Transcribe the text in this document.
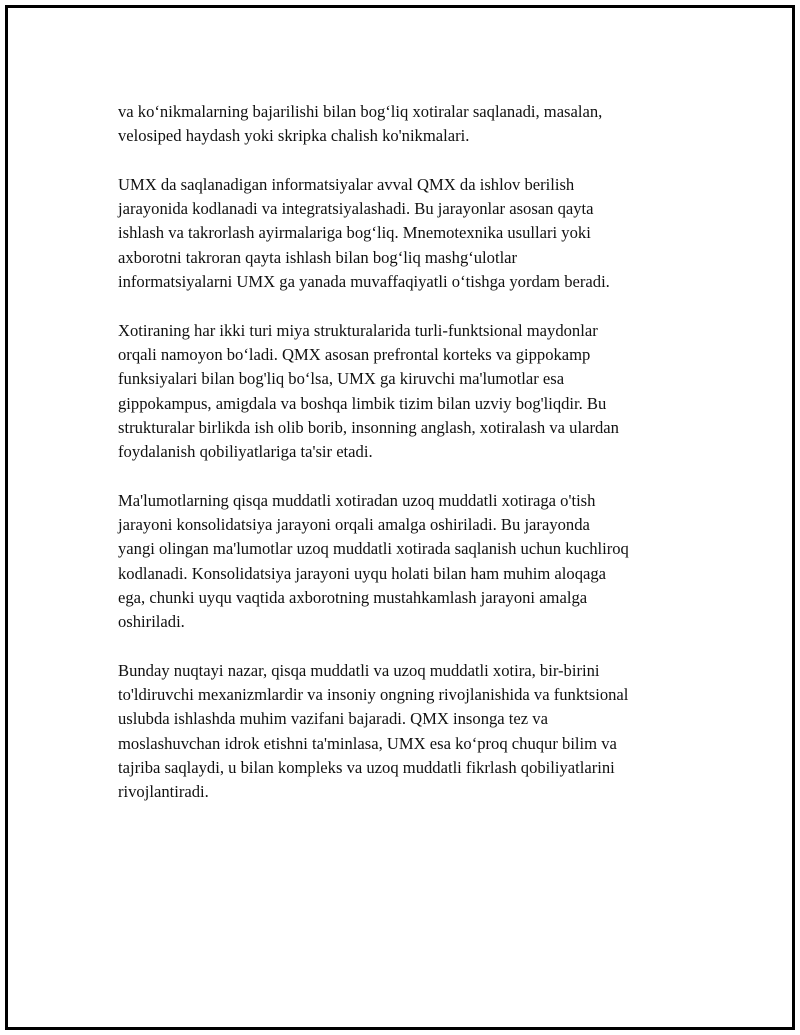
va ko‘nikmalarning bajarilishi bilan bog‘liq xotiralar saqlanadi, masalan,
velosiped haydash yoki skripka chalish ko'nikmalari.

UMX da saqlanadigan informatsiyalar avval QMX da ishlov berilish
jarayonida kodlanadi va integratsiyalashadi. Bu jarayonlar asosan qayta
ishlash va takrorlash ayirmalariga bog‘liq. Mnemotexnika usullari yoki
axborotni takroran qayta ishlash bilan bog‘liq mashg‘ulotlar
informatsiyalarni UMX ga yanada muvaffaqiyatli o‘tishga yordam beradi.

Xotiraning har ikki turi miya strukturalarida turli-funktsional maydonlar
orqali namoyon bo‘ladi. QMX asosan prefrontal korteks va gippokamp
funksiyalari bilan bog'liq bo‘lsa, UMX ga kiruvchi ma'lumotlar esa
gippokampus, amigdala va boshqa limbik tizim bilan uzviy bog'liqdir. Bu
strukturalar birlikda ish olib borib, insonning anglash, xotiralash va ulardan
foydalanish qobiliyatlariga ta'sir etadi.

Ma'lumotlarning qisqa muddatli xotiradan uzoq muddatli xotiraga o'tish
jarayoni konsolidatsiya jarayoni orqali amalga oshiriladi. Bu jarayonda
yangi olingan ma'lumotlar uzoq muddatli xotirada saqlanish uchun kuchliroq
kodlanadi. Konsolidatsiya jarayoni uyqu holati bilan ham muhim aloqaga
ega, chunki uyqu vaqtida axborotning mustahkamlash jarayoni amalga
oshiriladi.

Bunday nuqtayi nazar, qisqa muddatli va uzoq muddatli xotira, bir-birini
to'ldiruvchi mexanizmlardir va insoniy ongning rivojlanishida va funktsional
uslubda ishlashda muhim vazifani bajaradi. QMX insonga tez va
moslashuvchan idrok etishni ta'minlasa, UMX esa ko‘proq chuqur bilim va
tajriba saqlaydi, u bilan kompleks va uzoq muddatli fikrlash qobiliyatlarini
rivojlantiradi.
